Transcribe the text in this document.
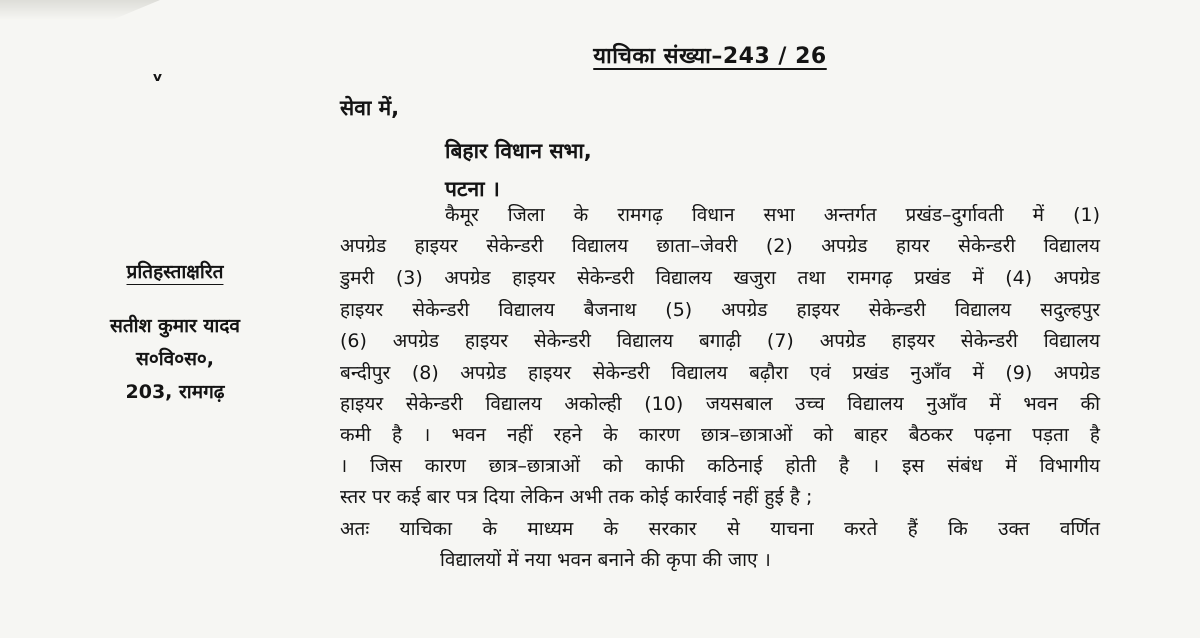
ᵥ
याचिका संख्या–243 / 26
सेवा में,
बिहार विधान सभा,
पटना ।
प्रतिहस्ताक्षरित
सतीश कुमार यादव
स०वि०स०,
203, रामगढ़
कैमूर जिला के रामगढ़ विधान सभा अन्तर्गत प्रखंड–दुर्गावती में (1)
अपग्रेड हाइयर सेकेन्डरी विद्यालय छाता–जेवरी (2) अपग्रेड हायर सेकेन्डरी विद्यालय
डुमरी (3) अपग्रेड हाइयर सेकेन्डरी विद्यालय खजुरा तथा रामगढ़ प्रखंड में (4) अपग्रेड
हाइयर सेकेन्डरी विद्यालय बैजनाथ (5) अपग्रेड हाइयर सेकेन्डरी विद्यालय सदुल्हपुर
(6) अपग्रेड हाइयर सेकेन्डरी विद्यालय बगाढ़ी (7) अपग्रेड हाइयर सेकेन्डरी विद्यालय
बन्दीपुर (8) अपग्रेड हाइयर सेकेन्डरी विद्यालय बढ़ौरा एवं प्रखंड नुआँव में (9) अपग्रेड
हाइयर सेकेन्डरी विद्यालय अकोल्ही (10) जयसबाल उच्च विद्यालय नुआँव में भवन की
कमी है । भवन नहीं रहने के कारण छात्र–छात्राओं को बाहर बैठकर पढ़ना पड़ता है
। जिस कारण छात्र–छात्राओं को काफी कठिनाई होती है । इस संबंध में विभागीय
स्तर पर कई बार पत्र दिया लेकिन अभी तक कोई कार्रवाई नहीं हुई है ;
अतः याचिका के माध्यम के सरकार से याचना करते हैं कि उक्त वर्णित
विद्यालयों में नया भवन बनाने की कृपा की जाए ।
